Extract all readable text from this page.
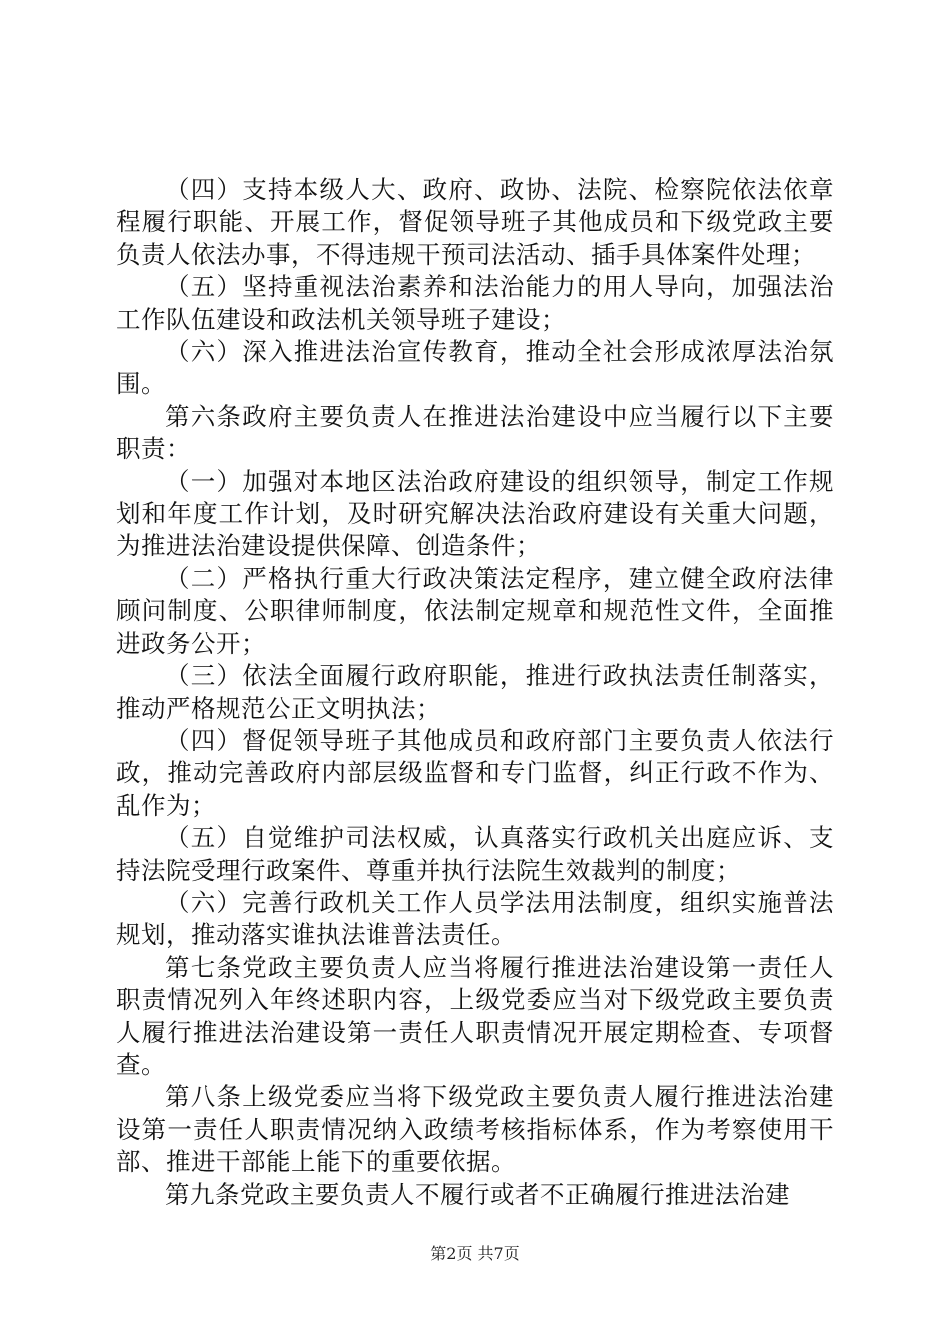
（四）支持本级人大、政府、政协、法院、检察院依法依章程履行职能、开展工作，督促领导班子其他成员和下级党政主要负责人依法办事，不得违规干预司法活动、插手具体案件处理；

（五）坚持重视法治素养和法治能力的用人导向，加强法治工作队伍建设和政法机关领导班子建设；

（六）深入推进法治宣传教育，推动全社会形成浓厚法治氛围。

第六条政府主要负责人在推进法治建设中应当履行以下主要职责：

（一）加强对本地区法治政府建设的组织领导，制定工作规划和年度工作计划，及时研究解决法治政府建设有关重大问题，为推进法治建设提供保障、创造条件；

（二）严格执行重大行政决策法定程序，建立健全政府法律顾问制度、公职律师制度，依法制定规章和规范性文件，全面推进政务公开；

（三）依法全面履行政府职能，推进行政执法责任制落实，推动严格规范公正文明执法；

（四）督促领导班子其他成员和政府部门主要负责人依法行政，推动完善政府内部层级监督和专门监督，纠正行政不作为、乱作为；

（五）自觉维护司法权威，认真落实行政机关出庭应诉、支持法院受理行政案件、尊重并执行法院生效裁判的制度；

（六）完善行政机关工作人员学法用法制度，组织实施普法规划，推动落实谁执法谁普法责任。

第七条党政主要负责人应当将履行推进法治建设第一责任人职责情况列入年终述职内容，上级党委应当对下级党政主要负责人履行推进法治建设第一责任人职责情况开展定期检查、专项督查。

第八条上级党委应当将下级党政主要负责人履行推进法治建设第一责任人职责情况纳入政绩考核指标体系，作为考察使用干部、推进干部能上能下的重要依据。

第九条党政主要负责人不履行或者不正确履行推进法治建

第2页 共7页
